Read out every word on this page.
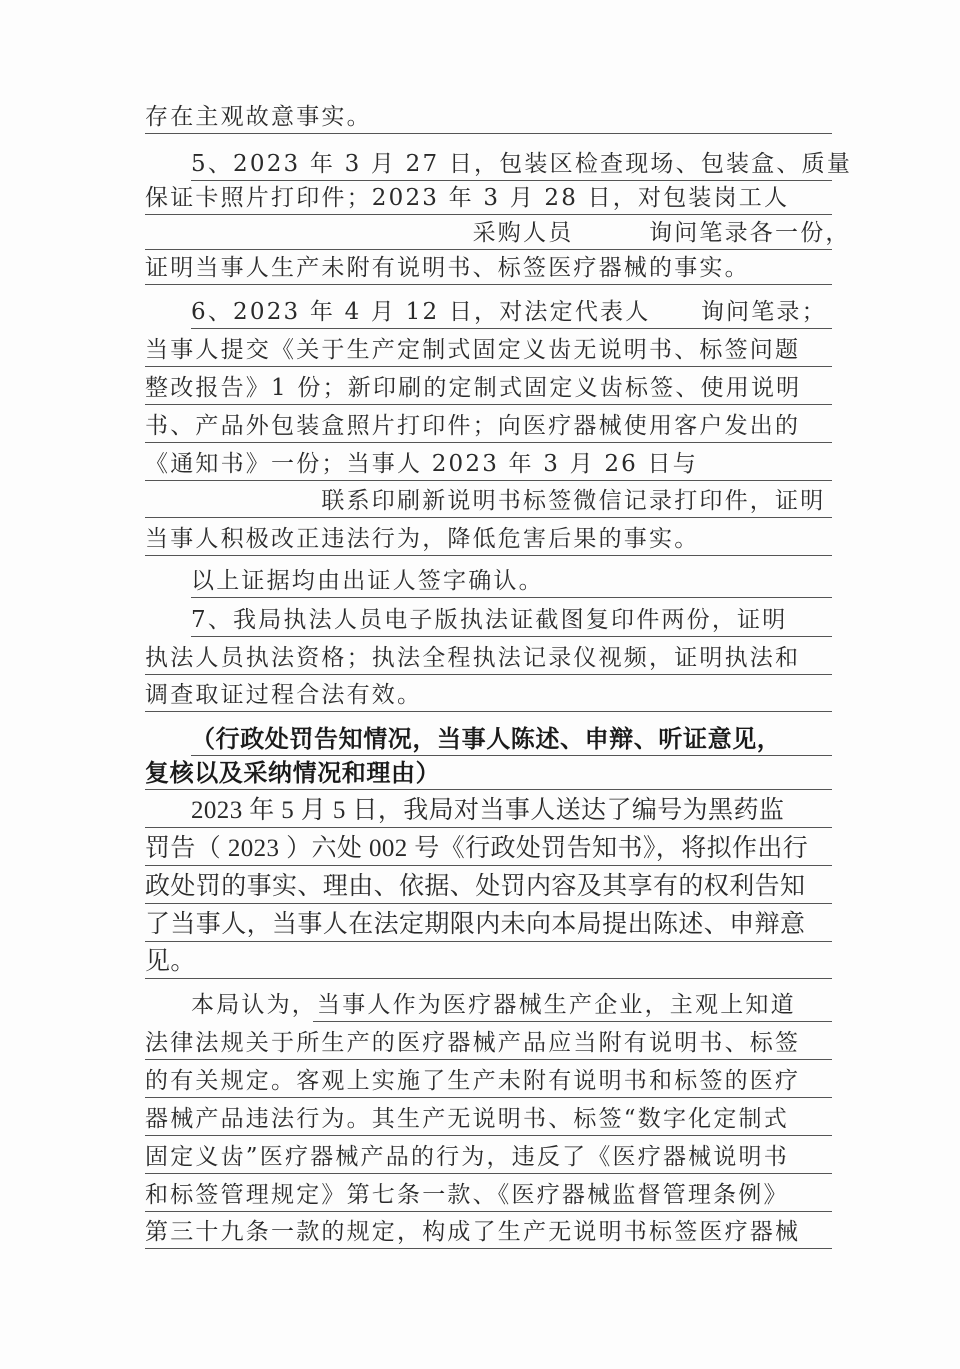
存在主观故意事实。
5、2023 年 3 月 27 日，包装区检查现场、包装盒、质量
保证卡照片打印件；2023 年 3 月 28 日，对包装岗工人　　
　　　　　　　　　　　　　采购人员　　　询问笔录各一份，
证明当事人生产未附有说明书、标签医疗器械的事实。
6、2023 年 4 月 12 日，对法定代表人　　 询问笔录；
当事人提交《关于生产定制式固定义齿无说明书、标签问题
整改报告》1 份；新印刷的定制式固定义齿标签、使用说明
书、产品外包装盒照片打印件；向医疗器械使用客户发出的
《通知书》一份；当事人 2023 年 3 月 26 日与
　　　　　　　联系印刷新说明书标签微信记录打印件，证明
当事人积极改正违法行为，降低危害后果的事实。
以上证据均由出证人签字确认。
7、我局执法人员电子版执法证截图复印件两份，证明
执法人员执法资格；执法全程执法记录仪视频，证明执法和
调查取证过程合法有效。
（行政处罚告知情况，当事人陈述、申辩、听证意见，
复核以及采纳情况和理由）
2023 年 5 月 5 日，我局对当事人送达了编号为黑药监
罚告（ 2023 ）六处 002 号《行政处罚告知书》，将拟作出行
政处罚的事实、理由、依据、处罚内容及其享有的权利告知
了当事人，当事人在法定期限内未向本局提出陈述、申辩意
见。
本局认为，当事人作为医疗器械生产企业，主观上知道
法律法规关于所生产的医疗器械产品应当附有说明书、标签
的有关规定。客观上实施了生产未附有说明书和标签的医疗
器械产品违法行为。其生产无说明书、标签“数字化定制式
固定义齿”医疗器械产品的行为，违反了《医疗器械说明书
和标签管理规定》第七条一款、《医疗器械监督管理条例》
第三十九条一款的规定，构成了生产无说明书标签医疗器械
